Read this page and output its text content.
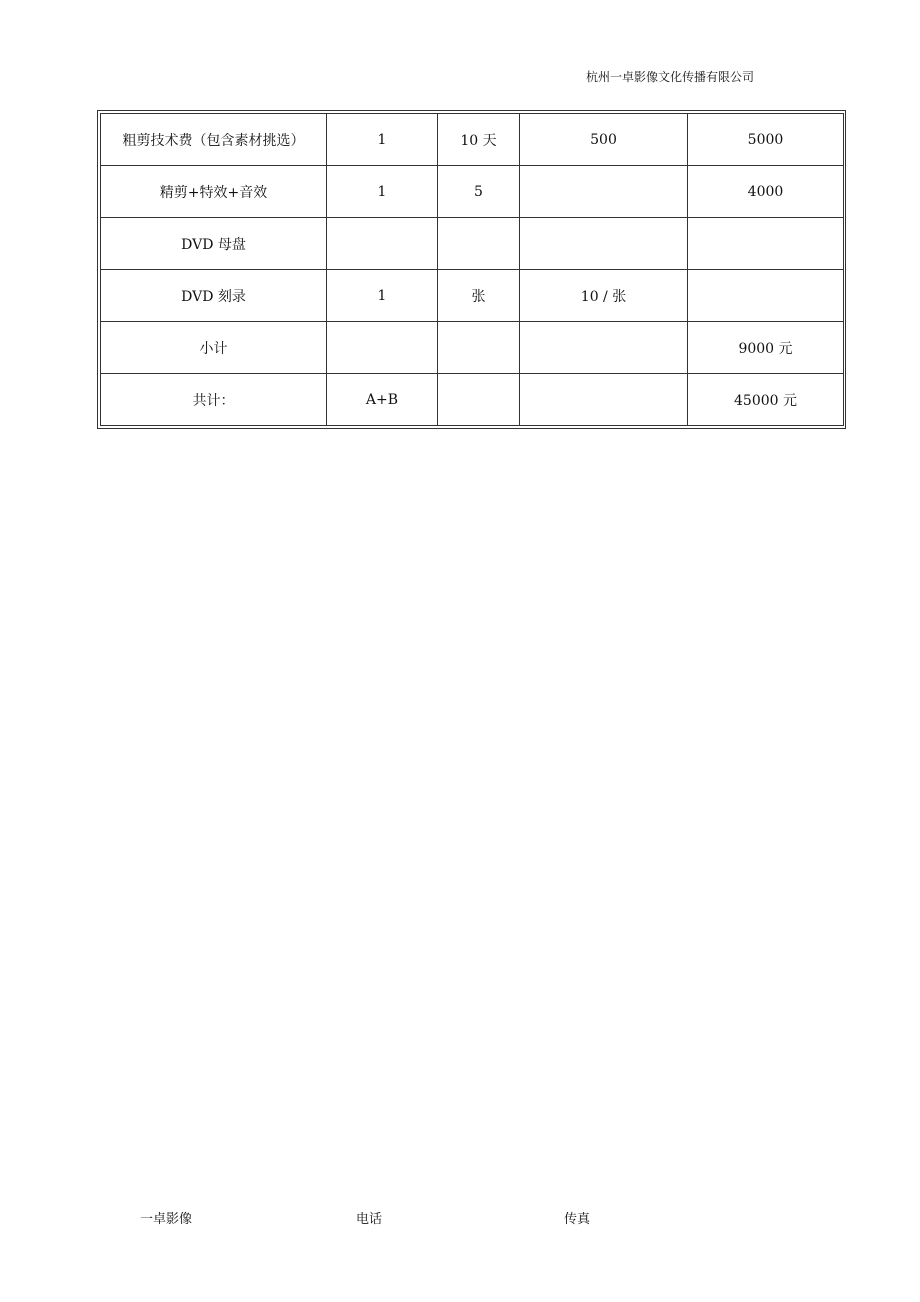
杭州一卓影像文化传播有限公司
粗剪技术费（包含素材挑选）	1	10 天	500	5000
精剪+特效+音效	1	5		4000
DVD 母盘				
DVD 刻录	1	张	10 / 张	
小计				9000 元
共计：	A+B			45000 元
一卓影像	电话	传真
